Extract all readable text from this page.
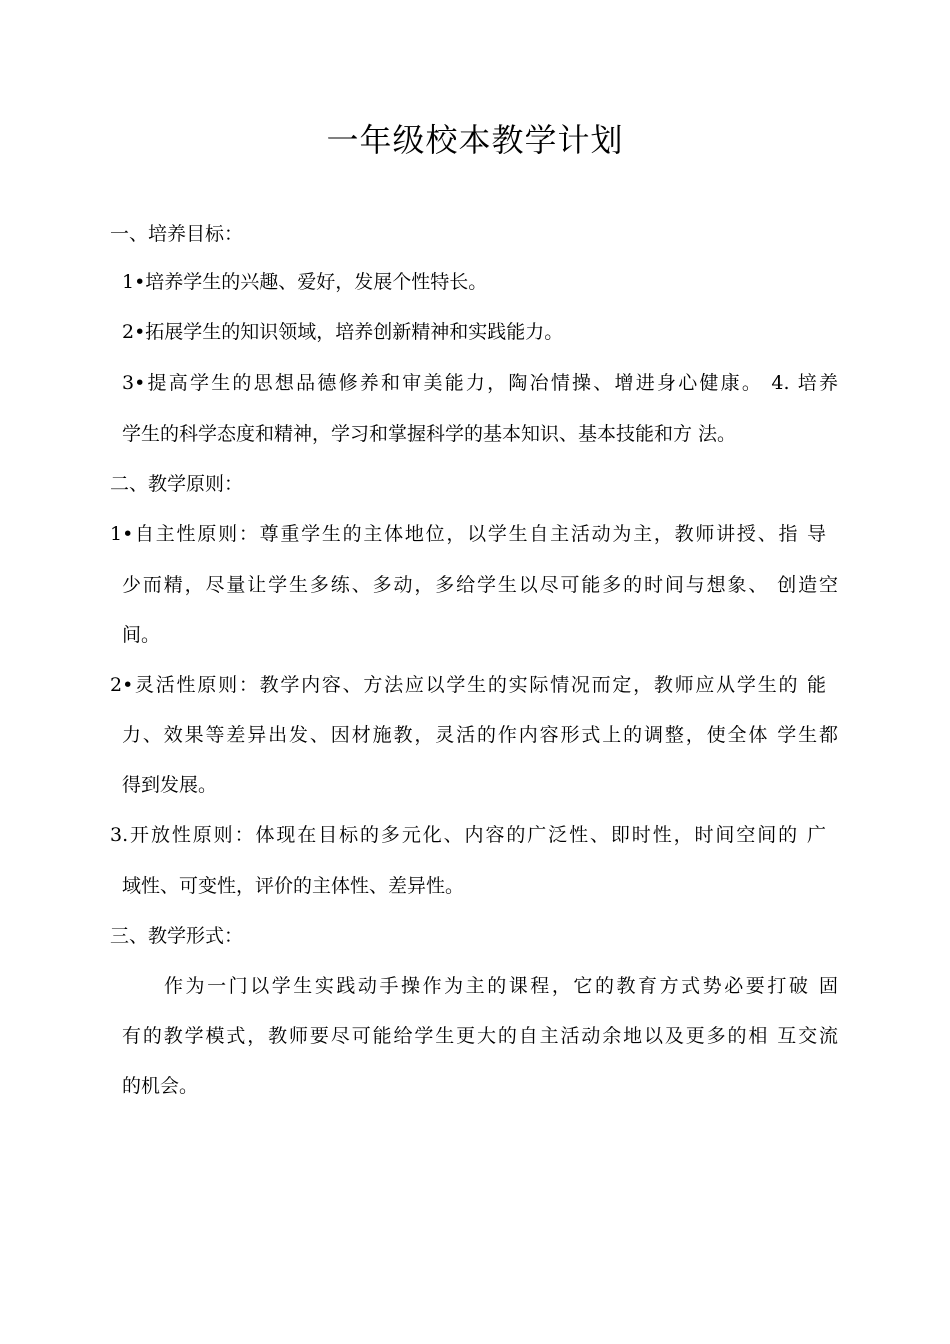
一年级校本教学计划
一、培养目标：
1•培养学生的兴趣、爱好，发展个性特长。
2•拓展学生的知识领域，培养创新精神和实践能力。
3•提高学生的思想品德修养和审美能力，陶冶情操、增进身心健康。 4. 培养
学生的科学态度和精神，学习和掌握科学的基本知识、基本技能和方 法。
二、教学原则：
1•自主性原则：尊重学生的主体地位，以学生自主活动为主，教师讲授、指 导
少而精，尽量让学生多练、多动，多给学生以尽可能多的时间与想象、 创造空
间。
2•灵活性原则：教学内容、方法应以学生的实际情况而定，教师应从学生的 能
力、效果等差异出发、因材施教，灵活的作内容形式上的调整，使全体 学生都
得到发展。
3.开放性原则：体现在目标的多元化、内容的广泛性、即时性，时间空间的 广
域性、可变性，评价的主体性、差异性。
三、教学形式：
作为一门以学生实践动手操作为主的课程，它的教育方式势必要打破 固
有的教学模式，教师要尽可能给学生更大的自主活动余地以及更多的相 互交流
的机会。
